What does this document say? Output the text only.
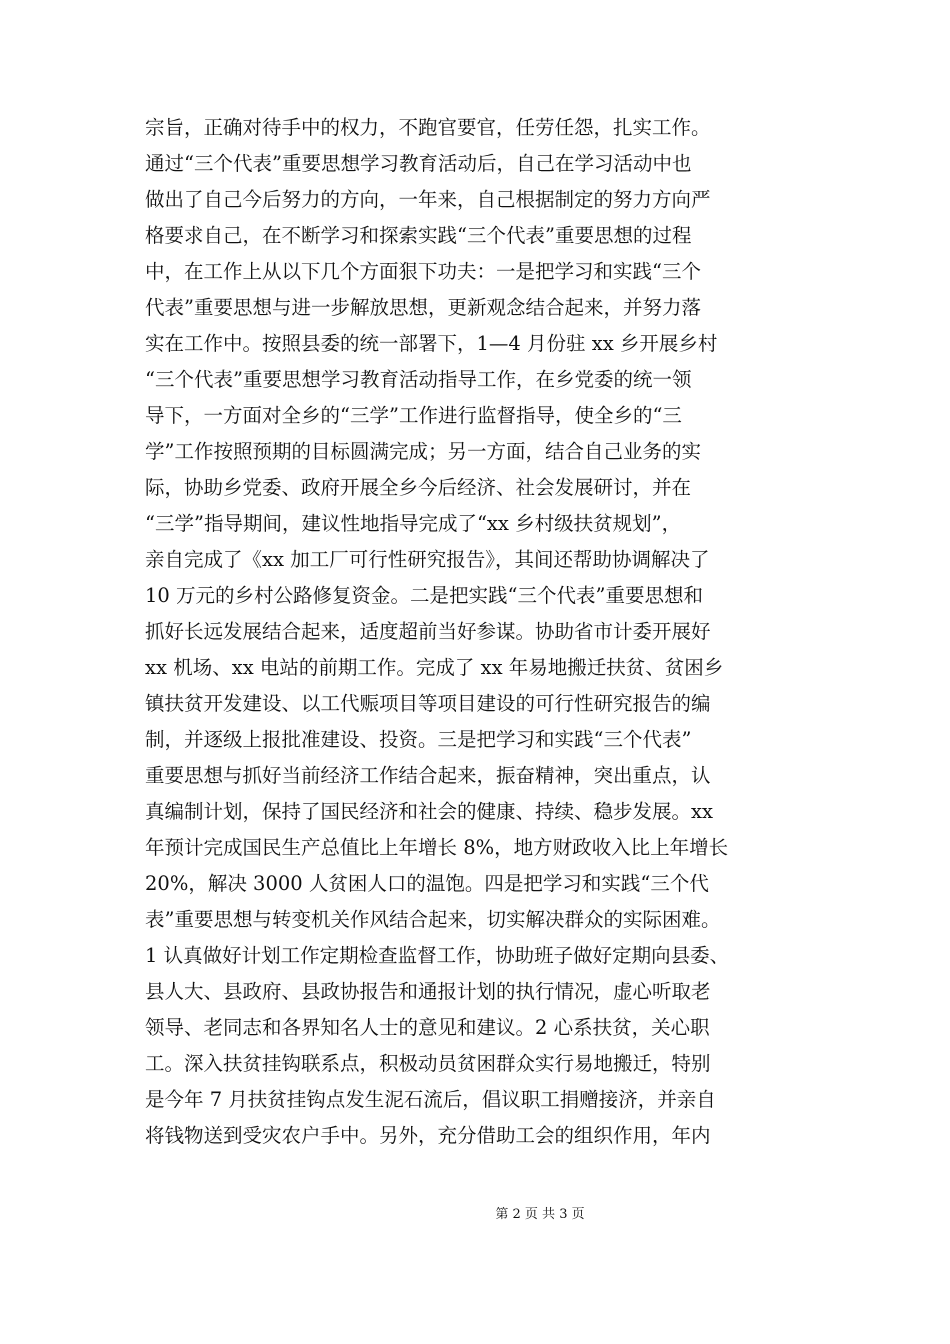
宗旨，正确对待手中的权力，不跑官要官，任劳任怨，扎实工作。
通过“三个代表”重要思想学习教育活动后，自己在学习活动中也
做出了自己今后努力的方向，一年来，自己根据制定的努力方向严
格要求自己，在不断学习和探索实践“三个代表”重要思想的过程
中，在工作上从以下几个方面狠下功夫：一是把学习和实践“三个
代表”重要思想与进一步解放思想，更新观念结合起来，并努力落
实在工作中。按照县委的统一部署下，1—4 月份驻 xx 乡开展乡村
“三个代表”重要思想学习教育活动指导工作，在乡党委的统一领
导下，一方面对全乡的“三学”工作进行监督指导，使全乡的“三
学”工作按照预期的目标圆满完成；另一方面，结合自己业务的实
际，协助乡党委、政府开展全乡今后经济、社会发展研讨，并在
“三学”指导期间，建议性地指导完成了“xx 乡村级扶贫规划”，
亲自完成了《xx 加工厂可行性研究报告》，其间还帮助协调解决了
10 万元的乡村公路修复资金。二是把实践“三个代表”重要思想和
抓好长远发展结合起来，适度超前当好参谋。协助省市计委开展好
xx 机场、xx 电站的前期工作。完成了 xx 年易地搬迁扶贫、贫困乡
镇扶贫开发建设、以工代赈项目等项目建设的可行性研究报告的编
制，并逐级上报批准建设、投资。三是把学习和实践“三个代表”
重要思想与抓好当前经济工作结合起来，振奋精神，突出重点，认
真编制计划，保持了国民经济和社会的健康、持续、稳步发展。xx
年预计完成国民生产总值比上年增长 8%，地方财政收入比上年增长
20%，解决 3000 人贫困人口的温饱。四是把学习和实践“三个代
表”重要思想与转变机关作风结合起来，切实解决群众的实际困难。
1 认真做好计划工作定期检查监督工作，协助班子做好定期向县委、
县人大、县政府、县政协报告和通报计划的执行情况，虚心听取老
领导、老同志和各界知名人士的意见和建议。2 心系扶贫，关心职
工。深入扶贫挂钩联系点，积极动员贫困群众实行易地搬迁，特别
是今年 7 月扶贫挂钩点发生泥石流后，倡议职工捐赠接济，并亲自
将钱物送到受灾农户手中。另外，充分借助工会的组织作用，年内
第 2 页 共 3 页
